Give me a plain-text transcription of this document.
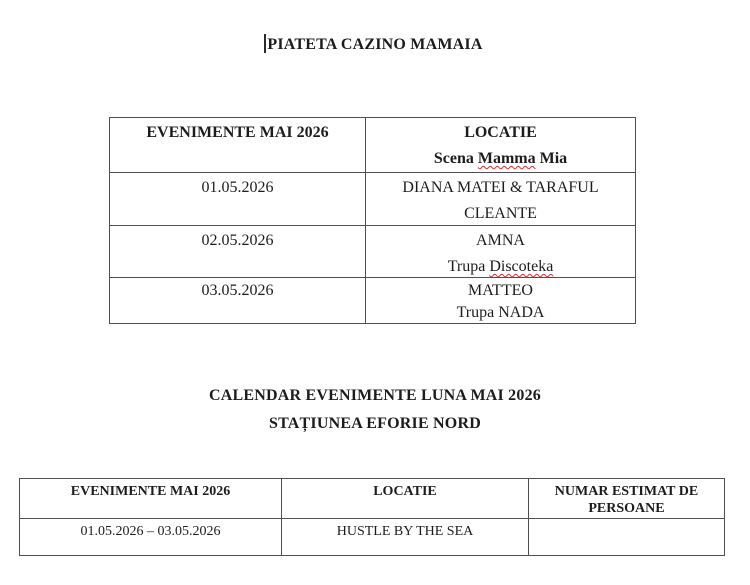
PIATETA CAZINO MAMAIA
EVENIMENTE MAI 2026	LOCATIE
Scena Mamma Mia
01.05.2026	DIANA MATEI & TARAFUL CLEANTE
02.05.2026	AMNA
Trupa Discoteka
03.05.2026	MATTEO
Trupa NADA
CALENDAR EVENIMENTE LUNA MAI 2026
STAȚIUNEA EFORIE NORD
EVENIMENTE MAI 2026	LOCATIE	NUMAR ESTIMAT DE PERSOANE
01.05.2026 – 03.05.2026	HUSTLE BY THE SEA
